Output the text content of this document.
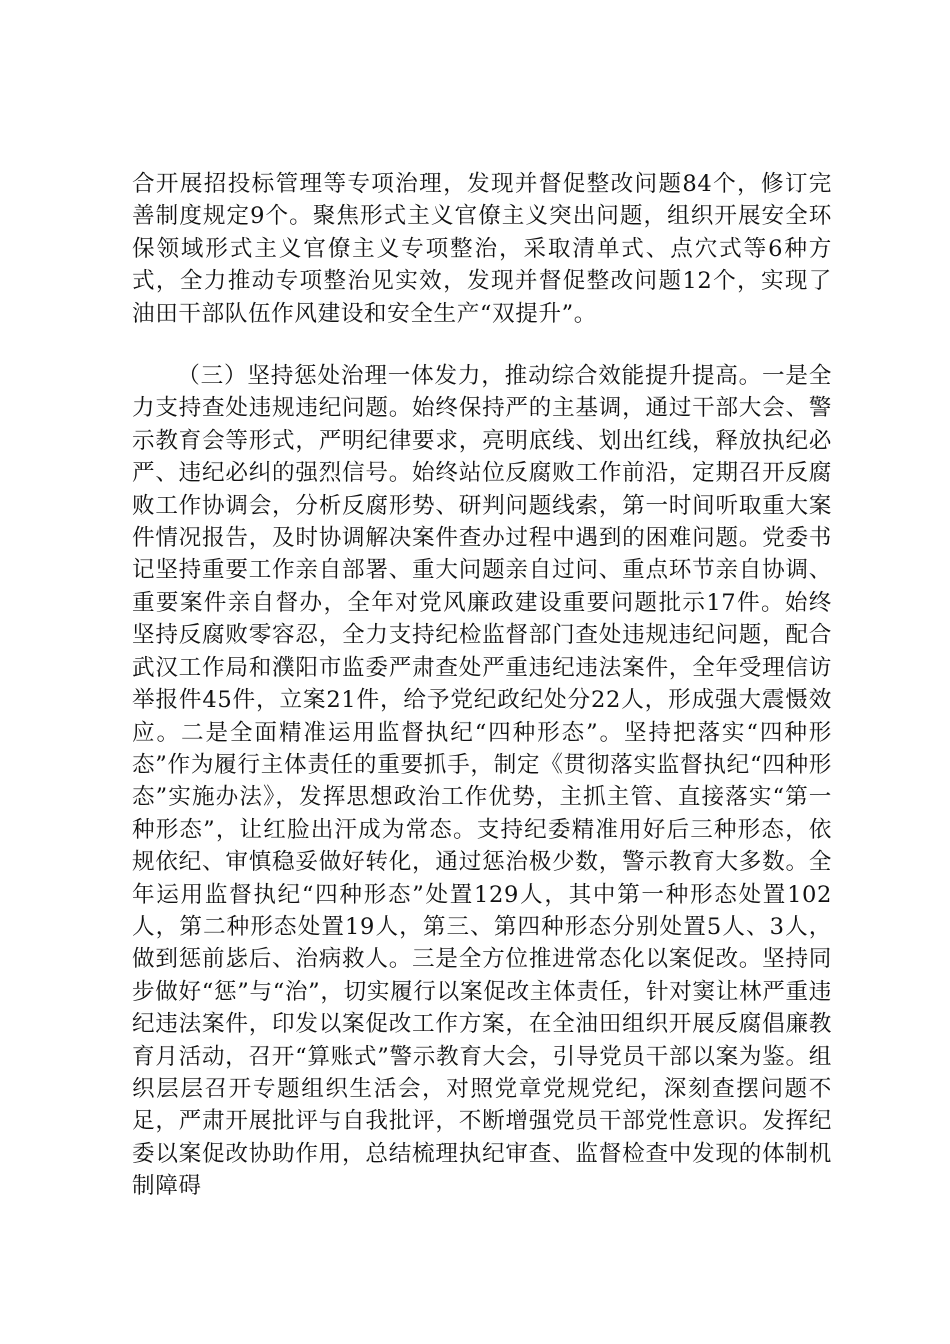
合开展招投标管理等专项治理，发现并督促整改问题84个，修订完善制度规定9个。聚焦形式主义官僚主义突出问题，组织开展安全环保领域形式主义官僚主义专项整治，采取清单式、点穴式等6种方式，全力推动专项整治见实效，发现并督促整改问题12个，实现了油田干部队伍作风建设和安全生产“双提升”。

（三）坚持惩处治理一体发力，推动综合效能提升提高。一是全力支持查处违规违纪问题。始终保持严的主基调，通过干部大会、警示教育会等形式，严明纪律要求，亮明底线、划出红线，释放执纪必严、违纪必纠的强烈信号。始终站位反腐败工作前沿，定期召开反腐败工作协调会，分析反腐形势、研判问题线索，第一时间听取重大案件情况报告，及时协调解决案件查办过程中遇到的困难问题。党委书记坚持重要工作亲自部署、重大问题亲自过问、重点环节亲自协调、重要案件亲自督办，全年对党风廉政建设重要问题批示17件。始终坚持反腐败零容忍，全力支持纪检监督部门查处违规违纪问题，配合武汉工作局和濮阳市监委严肃查处严重违纪违法案件，全年受理信访举报件45件，立案21件，给予党纪政纪处分22人，形成强大震慑效应。二是全面精准运用监督执纪“四种形态”。坚持把落实“四种形态”作为履行主体责任的重要抓手，制定《贯彻落实监督执纪“四种形态”实施办法》，发挥思想政治工作优势，主抓主管、直接落实“第一种形态”，让红脸出汗成为常态。支持纪委精准用好后三种形态，依规依纪、审慎稳妥做好转化，通过惩治极少数，警示教育大多数。全年运用监督执纪“四种形态”处置129人，其中第一种形态处置102人，第二种形态处置19人，第三、第四种形态分别处置5人、3人，做到惩前毖后、治病救人。三是全方位推进常态化以案促改。坚持同步做好“惩”与“治”，切实履行以案促改主体责任，针对窦让林严重违纪违法案件，印发以案促改工作方案，在全油田组织开展反腐倡廉教育月活动，召开“算账式”警示教育大会，引导党员干部以案为鉴。组织层层召开专题组织生活会，对照党章党规党纪，深刻查摆问题不足，严肃开展批评与自我批评，不断增强党员干部党性意识。发挥纪委以案促改协助作用，总结梳理执纪审查、监督检查中发现的体制机制障碍
